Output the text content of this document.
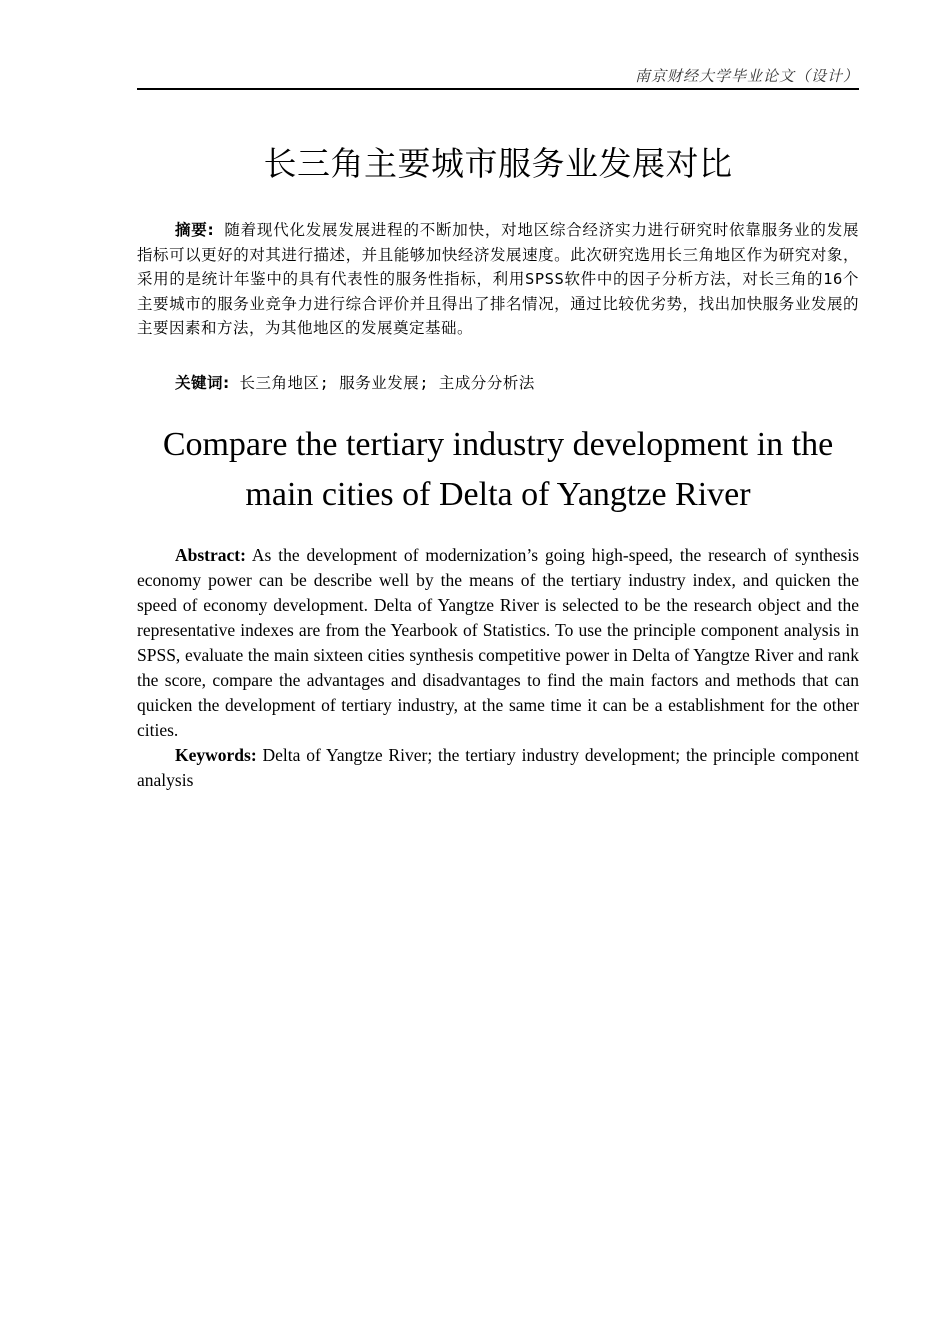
南京财经大学毕业论文（设计）
长三角主要城市服务业发展对比

摘要: 随着现代化发展发展进程的不断加快，对地区综合经济实力进行研究时依靠服务业的发展指标可以更好的对其进行描述，并且能够加快经济发展速度。此次研究选用长三角地区作为研究对象，采用的是统计年鉴中的具有代表性的服务性指标，利用SPSS软件中的因子分析方法，对长三角的16个主要城市的服务业竞争力进行综合评价并且得出了排名情况，通过比较优劣势，找出加快服务业发展的主要因素和方法，为其他地区的发展奠定基础。

关键词: 长三角地区; 服务业发展; 主成分分析法

Compare the tertiary industry development in the main cities of Delta of Yangtze River

Abstract: As the development of modernization’s going high-speed, the research of synthesis economy power can be describe well by the means of the tertiary industry index, and quicken the speed of economy development. Delta of Yangtze River is selected to be the research object and the representative indexes are from the Yearbook of Statistics. To use the principle component analysis in SPSS, evaluate the main sixteen cities synthesis competitive power in Delta of Yangtze River and rank the score, compare the advantages and disadvantages to find the main factors and methods that can quicken the development of tertiary industry, at the same time it can be a establishment for the other cities.

Keywords: Delta of Yangtze River; the tertiary industry development; the principle component analysis
